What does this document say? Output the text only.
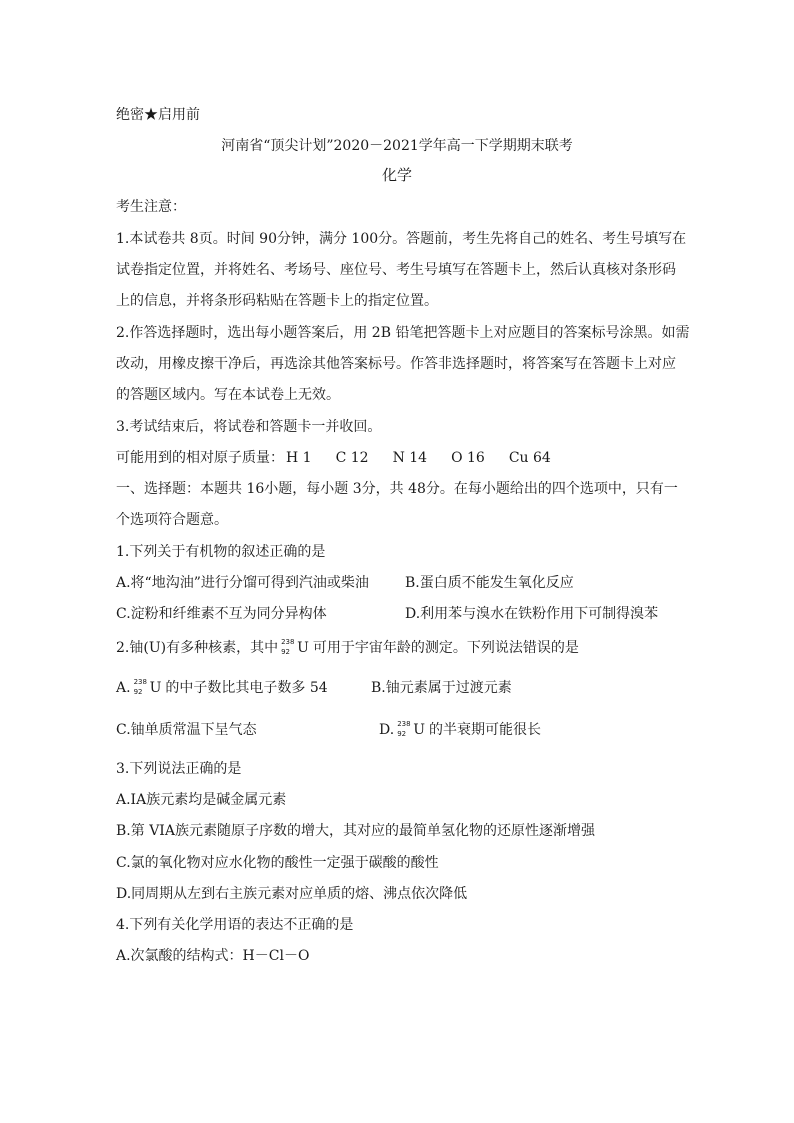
绝密★启用前
河南省“顶尖计划”2020－2021学年高一下学期期末联考
化学
考生注意：
1.本试卷共 8页。时间 90分钟，满分 100分。答题前，考生先将自己的姓名、考生号填写在
试卷指定位置，并将姓名、考场号、座位号、考生号填写在答题卡上，然后认真核对条形码
上的信息，并将条形码粘贴在答题卡上的指定位置。
2.作答选择题时，选出每小题答案后，用 2B 铅笔把答题卡上对应题目的答案标号涂黑。如需
改动，用橡皮擦干净后，再选涂其他答案标号。作答非选择题时，将答案写在答题卡上对应
的答题区域内。写在本试卷上无效。
3.考试结束后，将试卷和答题卡一并收回。
可能用到的相对原子质量： H 1 C 12 N 14 O 16 Cu 64
一、选择题：本题共 16小题，每小题 3分，共 48分。在每小题给出的四个选项中，只有一
个选项符合题意。
1.下列关于有机物的叙述正确的是
A.将“地沟油”进行分馏可得到汽油或柴油	B.蛋白质不能发生氧化反应
C.淀粉和纤维素不互为同分异构体	D.利用苯与溴水在铁粉作用下可制得溴苯
2.铀(U)有多种核素，其中 238
92 U 可用于宇宙年龄的测定。下列说法错误的是
A. 238
92 U 的中子数比其电子数多 54	B.铀元素属于过渡元素
C.铀单质常温下呈气态	D. 238
92 U 的半衰期可能很长
3.下列说法正确的是
A.IA族元素均是碱金属元素
B.第 VIA族元素随原子序数的增大，其对应的最简单氢化物的还原性逐渐增强
C.氯的氧化物对应水化物的酸性一定强于碳酸的酸性
D.同周期从左到右主族元素对应单质的熔、沸点依次降低
4.下列有关化学用语的表达不正确的是
A.次氯酸的结构式：H－Cl－O
